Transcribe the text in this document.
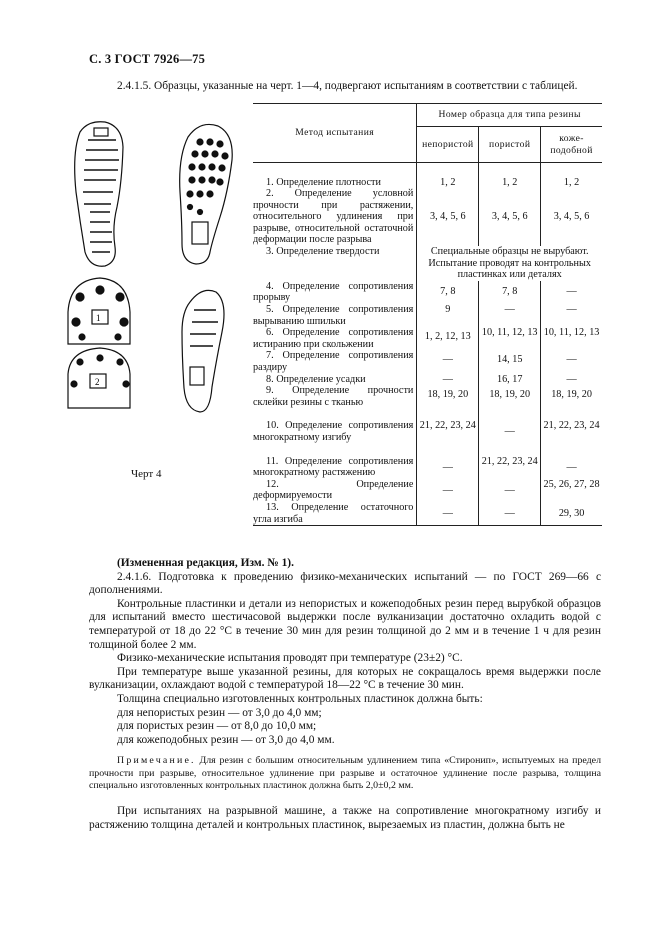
С. 3 ГОСТ 7926—75
2.4.1.5. Образцы, указанные на черт. 1—4, подвергают испытаниям в соответствии с таблицей.
1
2
Черт 4
Метод испытания	Номер образца для типа резины		
	непористой	пористой	коже-подобной

1. Определение плотности	1, 2	1, 2	1, 2

2. Определение условной прочности при растяжении, относительного удлинения при разрыве, относительной остаточной деформации после разрыва	3, 4, 5, 6	3, 4, 5, 6	3, 4, 5, 6

3. Определение твердости	Специальные образцы не вырубают. Испытание проводят на контрольных пластинках или деталях		

4. Определение сопротивления прорыву	7, 8	7, 8	—

5. Определение сопротивления вырыванию шпильки	9	—	—

6. Определение сопротивления истиранию при скольжении	1, 2, 12, 13	10, 11, 12, 13	10, 11, 12, 13

7. Определение сопротивления раздиру	—	14, 15	—

8. Определение усадки	—	16, 17	—

9. Определение прочности склейки резины с тканью	18, 19, 20	18, 19, 20	18, 19, 20

10. Определение сопротивления многократному изгибу	21, 22, 23, 24	—	21, 22, 23, 24

11. Определение сопротивления многократному растяжению	—	21, 22, 23, 24	—

12. Определение деформируемости	—	—	25, 26, 27, 28

13. Определение остаточного угла изгиба	—	—	29, 30
(Измененная редакция, Изм. № 1).
2.4.1.6. Подготовка к проведению физико-механических испытаний — по ГОСТ 269—66 с дополнениями.
Контрольные пластинки и детали из непористых и кожеподобных резин перед вырубкой образцов для испытаний вместо шестичасовой выдержки после вулканизации достаточно охладить водой с температурой от 18 до 22 °С в течение 30 мин для резин толщиной до 2 мм и в течение 1 ч для резин толщиной более 2 мм.
Физико-механические испытания проводят при температуре (23±2) °С.
При температуре выше указанной резины, для которых не сокращалось время выдержки после вулканизации, охлаждают водой с температурой 18—22 °С в течение 30 мин.
Толщина специально изготовленных контрольных пластинок должна быть:
для непористых резин — от 3,0 до 4,0 мм;
для пористых резин — от 8,0 до 10,0 мм;
для кожеподобных резин — от 3,0 до 4,0 мм.
Примечание. Для резин с большим относительным удлинением типа «Стиронип», испытуемых на предел прочности при разрыве, относительное удлинение при разрыве и остаточное удлинение после разрыва, толщина специально изготовленных контрольных пластинок должна быть 2,0±0,2 мм.
При испытаниях на разрывной машине, а также на сопротивление многократному изгибу и растяжению толщина деталей и контрольных пластинок, вырезаемых из пластин, должна быть не
